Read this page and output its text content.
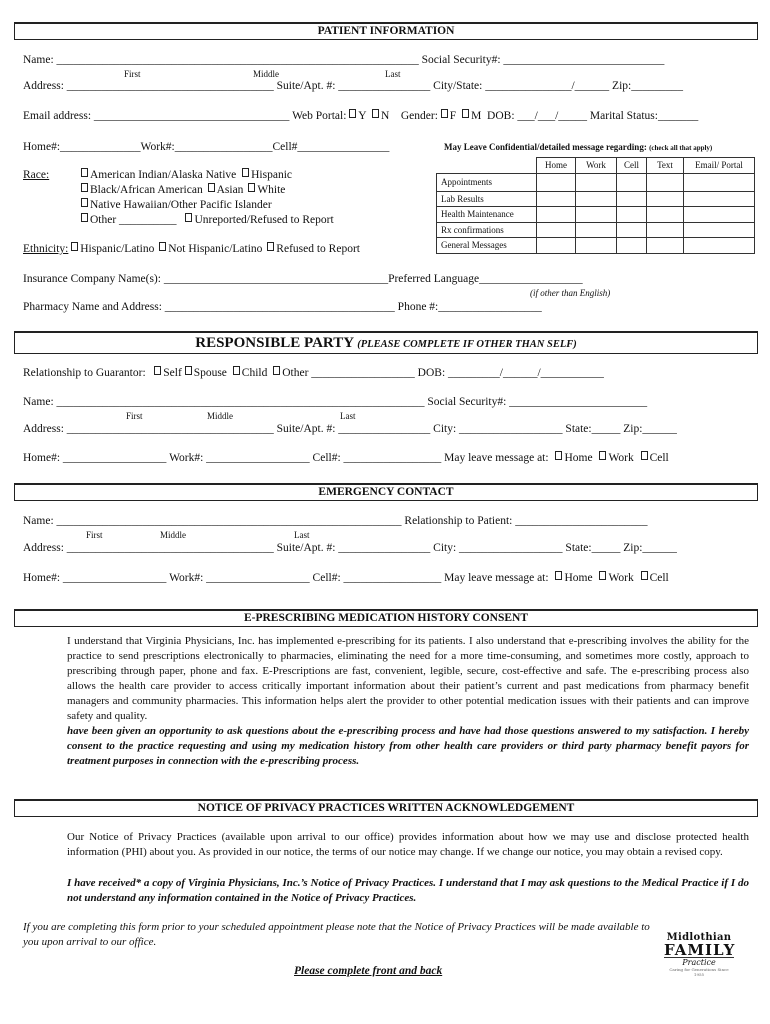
PATIENT INFORMATION
Name: _______________________________________________________________ Social Security#: ____________________________
First	Middle	Last
Address: ____________________________________ Suite/Apt. #: ________________ City/State: _______________/______ Zip:_________
Email address: __________________________________ Web Portal: Y N Gender: F M DOB: ___/___/_____ Marital Status:_______
Home#:______________Work#:_________________Cell#________________	May Leave Confidential/detailed message regarding: (check all that apply)
	Home	Work	Cell	Text	Email/ Portal
Appointments					
Lab Results					
Health Maintenance					
Rx confirmations					
General Messages					
Race:	American Indian/Alaska Native Hispanic
Black/African American Asian White
Native Hawaiian/Other Pacific Islander
Other __________ Unreported/Refused to Report
Ethnicity: Hispanic/Latino Not Hispanic/Latino Refused to Report
Insurance Company Name(s): _______________________________________Preferred Language__________________
(if other than English)
Pharmacy Name and Address: ________________________________________ Phone #:__________________
RESPONSIBLE PARTY (PLEASE COMPLETE IF OTHER THAN SELF)
Relationship to Guarantor: Self Spouse Child Other __________________ DOB: _________/______/___________
Name: ________________________________________________________________ Social Security#: ________________________
First	Middle	Last
Address: ____________________________________ Suite/Apt. #: ________________ City: __________________ State:_____ Zip:______
Home#: __________________ Work#: __________________ Cell#: _________________ May leave message at: Home Work Cell
EMERGENCY CONTACT
Name: ____________________________________________________________ Relationship to Patient: _______________________
First	Middle	Last
Address: ____________________________________ Suite/Apt. #: ________________ City: __________________ State:_____ Zip:______
Home#: __________________ Work#: __________________ Cell#: _________________ May leave message at: Home Work Cell
E-PRESCRIBING MEDICATION HISTORY CONSENT
I understand that Virginia Physicians, Inc. has implemented e-prescribing for its patients. I also understand that e-prescribing involves the ability for the practice to send prescriptions electronically to pharmacies, eliminating the need for a more time-consuming, and sometimes more costly, approach to prescribing through paper, phone and fax. E-Prescriptions are fast, convenient, legible, secure, cost-effective and safe. The e-prescribing process also allows the health care provider to access critically important information about their patient’s current and past medications from pharmacy benefit managers and community pharmacies. This information helps alert the provider to other potential medication issues with their patients and can improve safety and quality.
have been given an opportunity to ask questions about the e-prescribing process and have had those questions answered to my satisfaction. I hereby consent to the practice requesting and using my medication history from other health care providers or third party pharmacy benefit payors for treatment purposes in connection with the e-prescribing process.
NOTICE OF PRIVACY PRACTICES WRITTEN ACKNOWLEDGEMENT
Our Notice of Privacy Practices (available upon arrival to our office) provides information about how we may use and disclose protected health information (PHI) about you. As provided in our notice, the terms of our notice may change. If we change our notice, you may obtain a revised copy.
I have received* a copy of Virginia Physicians, Inc.’s Notice of Privacy Practices. I understand that I may ask questions to the Medical Practice if I do not understand any information contained in the Notice of Privacy Practices.
If you are completing this form prior to your scheduled appointment please note that the Notice of Privacy Practices will be made available to you upon arrival to our office.	Midlothian
FAMILY
Practice
Caring for Generations Since 1955
Please complete front and back
